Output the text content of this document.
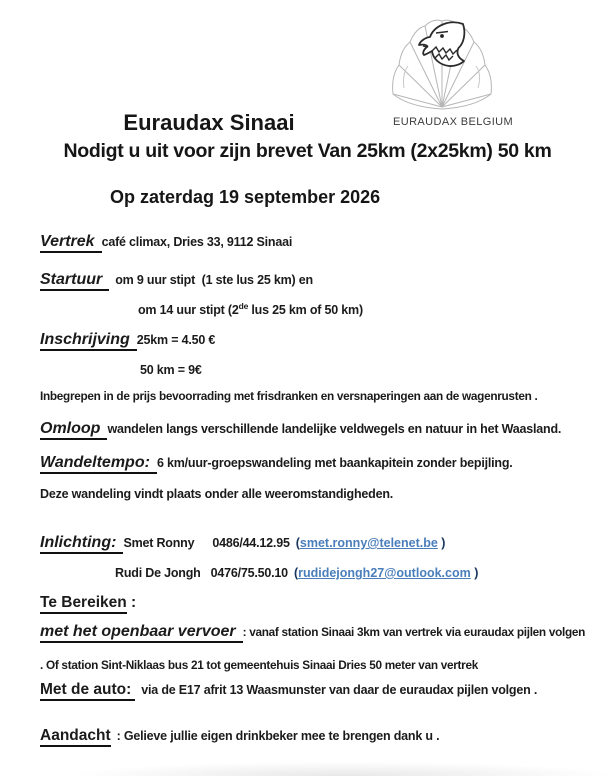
EURAUDAX BELGIUM
Euraudax Sinaai
Nodigt u uit voor zijn brevet Van 25km (2x25km) 50 km
Op zaterdag 19 september 2026
Vertrek café climax, Dries 33, 9112 Sinaai
Startuur om 9 uur stipt  (1 ste lus 25 km) en
om 14 uur stipt (2de lus 25 km of 50 km)
Inschrijving 25km = 4.50 €
50 km = 9€
Inbegrepen in de prijs bevoorrading met frisdranken en versnaperingen aan de wagenrusten .
Omloop wandelen langs verschillende landelijke veldwegels en natuur in het Waasland.
Wandeltempo: 6 km/uur-groepswandeling met baankapitein zonder bepijling.
Deze wandeling vindt plaats onder alle weeromstandigheden.
Inlichting: Smet Ronny 0486/44.12.95 (smet.ronny@telenet.be )
Rudi De Jongh 0476/75.50.10 (rudidejongh27@outlook.com )
Te Bereiken :
met het openbaar vervoer : vanaf station Sinaai 3km van vertrek via euraudax pijlen volgen
. Of station Sint-Niklaas bus 21 tot gemeentehuis Sinaai Dries 50 meter van vertrek
Met de auto: via de E17 afrit 13 Waasmunster van daar de euraudax pijlen volgen .
Aandacht : Gelieve jullie eigen drinkbeker mee te brengen dank u .
